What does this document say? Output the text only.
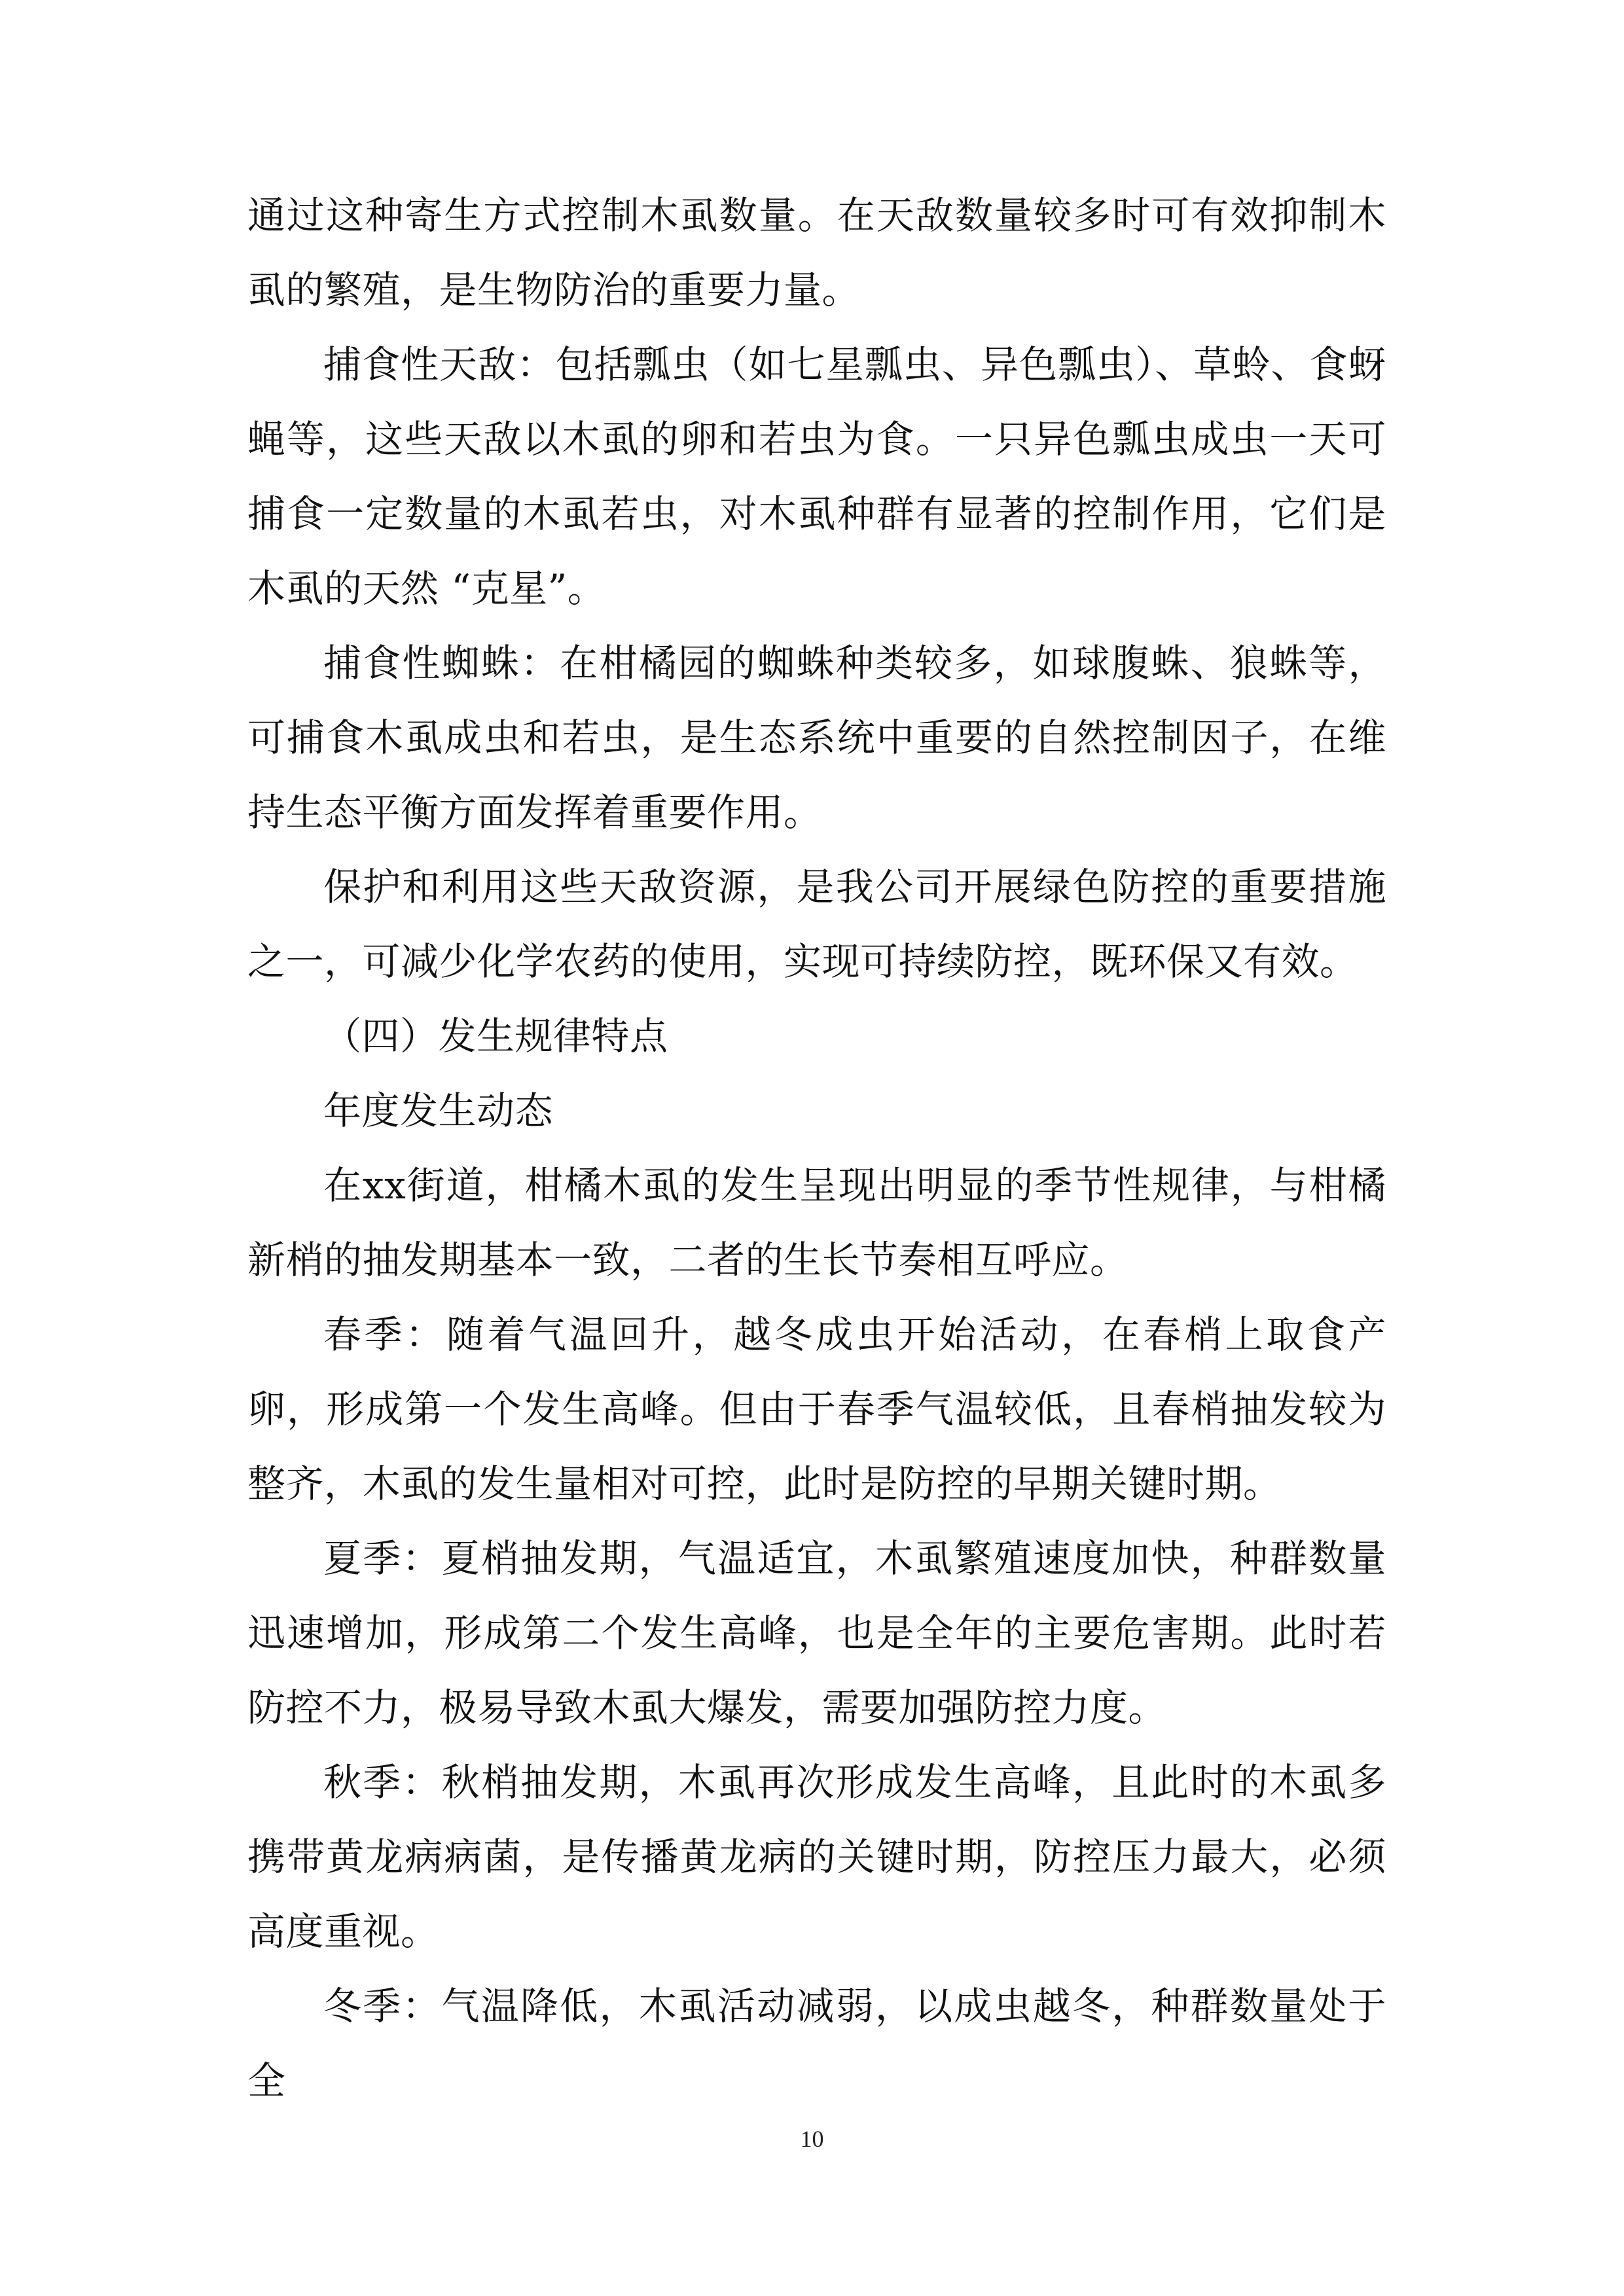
通过这种寄生方式控制木虱数量。在天敌数量较多时可有效抑制木虱的繁殖，是生物防治的重要力量。

捕食性天敌：包括瓢虫（如七星瓢虫、异色瓢虫）、草蛉、食蚜蝇等，这些天敌以木虱的卵和若虫为食。一只异色瓢虫成虫一天可捕食一定数量的木虱若虫，对木虱种群有显著的控制作用，它们是木虱的天然 “克星”。

捕食性蜘蛛：在柑橘园的蜘蛛种类较多，如球腹蛛、狼蛛等，可捕食木虱成虫和若虫，是生态系统中重要的自然控制因子，在维持生态平衡方面发挥着重要作用。

保护和利用这些天敌资源，是我公司开展绿色防控的重要措施之一，可减少化学农药的使用，实现可持续防控，既环保又有效。

（四）发生规律特点

年度发生动态

在xx街道，柑橘木虱的发生呈现出明显的季节性规律，与柑橘新梢的抽发期基本一致，二者的生长节奏相互呼应。

春季：随着气温回升，越冬成虫开始活动，在春梢上取食产卵，形成第一个发生高峰。但由于春季气温较低，且春梢抽发较为整齐，木虱的发生量相对可控，此时是防控的早期关键时期。

夏季：夏梢抽发期，气温适宜，木虱繁殖速度加快，种群数量迅速增加，形成第二个发生高峰，也是全年的主要危害期。此时若防控不力，极易导致木虱大爆发，需要加强防控力度。

秋季：秋梢抽发期，木虱再次形成发生高峰，且此时的木虱多携带黄龙病病菌，是传播黄龙病的关键时期，防控压力最大，必须高度重视。

冬季：气温降低，木虱活动减弱，以成虫越冬，种群数量处于全

10
